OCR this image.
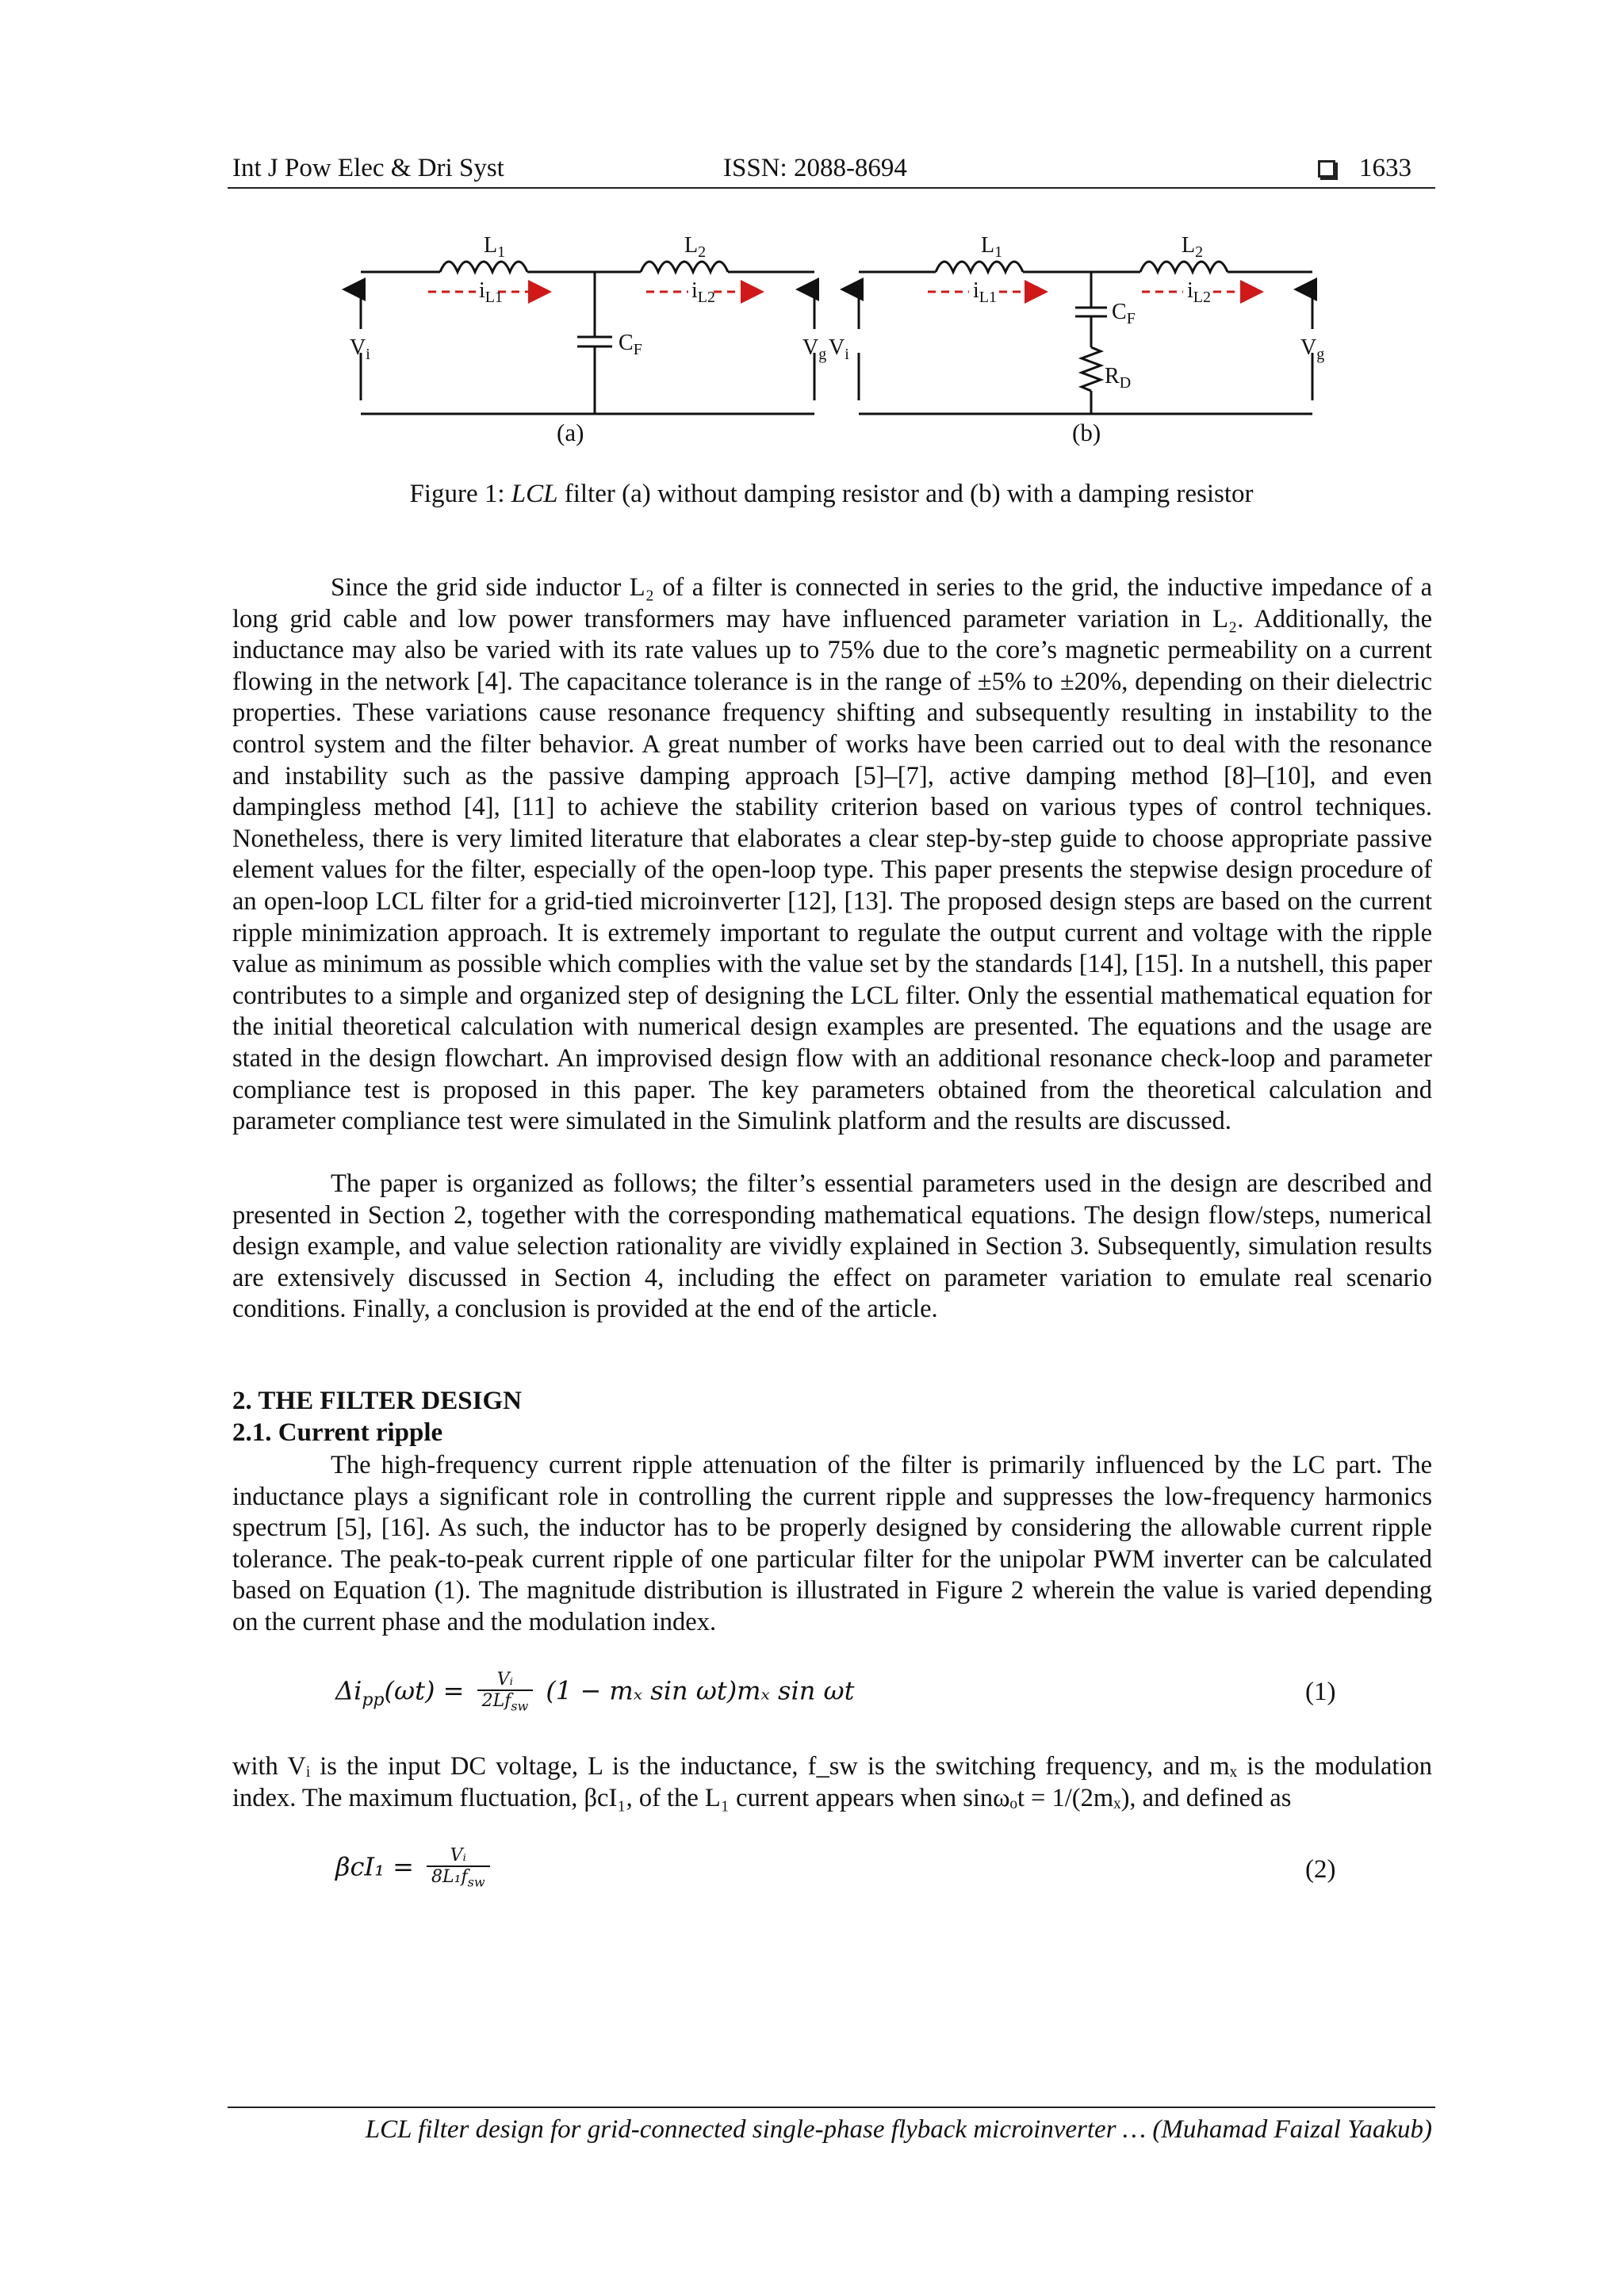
Int J Pow Elec & Dri Syst	ISSN: 2088-8694	1633
$L_1$	$L_2$
$i_{L1}$	$i_{L2}$
$V_i$	$V_g$
$C_F$
(a)
$L_1$	$L_2$
$i_{L1}$	$i_{L2}$
$V_i$	$V_g$
$C_F$
$R_D$
(b)
Figure 1: LCL filter (a) without damping resistor and (b) with a damping resistor

Since the grid side inductor L₂ of a filter is connected in series to the grid, the inductive impedance of a long grid cable and low power transformers may have influenced parameter variation in L₂. Additionally, the inductance may also be varied with its rate values up to 75% due to the core’s magnetic permeability on a current flowing in the network [4]. The capacitance tolerance is in the range of ±5% to ±20%, depending on their dielectric properties. These variations cause resonance frequency shifting and subsequently resulting in instability to the control system and the filter behavior. A great number of works have been carried out to deal with the resonance and instability such as the passive damping approach [5]–[7], active damping method [8]–[10], and even dampingless method [4], [11] to achieve the stability criterion based on various types of control techniques. Nonetheless, there is very limited literature that elaborates a clear step-by-step guide to choose appropriate passive element values for the filter, especially of the open-loop type. This paper presents the stepwise design procedure of an open-loop LCL filter for a grid-tied microinverter [12], [13]. The proposed design steps are based on the current ripple minimization approach. It is extremely important to regulate the output current and voltage with the ripple value as minimum as possible which complies with the value set by the standards [14], [15]. In a nutshell, this paper contributes to a simple and organized step of designing the LCL filter. Only the essential mathematical equation for the initial theoretical calculation with numerical design examples are presented. The equations and the usage are stated in the design flowchart. An improvised design flow with an additional resonance check-loop and parameter compliance test is proposed in this paper. The key parameters obtained from the theoretical calculation and parameter compliance test were simulated in the Simulink platform and the results are discussed.

The paper is organized as follows; the filter’s essential parameters used in the design are described and presented in Section 2, together with the corresponding mathematical equations. The design flow/steps, numerical design example, and value selection rationality are vividly explained in Section 3. Subsequently, simulation results are extensively discussed in Section 4, including the effect on parameter variation to emulate real scenario conditions. Finally, a conclusion is provided at the end of the article.

2. THE FILTER DESIGN
2.1. Current ripple

The high-frequency current ripple attenuation of the filter is primarily influenced by the LC part. The inductance plays a significant role in controlling the current ripple and suppresses the low-frequency harmonics spectrum [5], [16]. As such, the inductor has to be properly designed by considering the allowable current ripple tolerance. The peak-to-peak current ripple of one particular filter for the unipolar PWM inverter can be calculated based on Equation (1). The magnitude distribution is illustrated in Figure 2 wherein the value is varied depending on the current phase and the modulation index.

$\Delta i_{pp}(\omega t) = \frac{\text{Vᵢ}}{2Lf_{sw}} (1 - m_x$ sin ωt)mₓ sin ωt	(1)

with Vᵢ is the input DC voltage, L is the inductance, f_sw is the switching frequency, and mₓ is the modulation index. The maximum fluctuation, βcI₁, of the L₁ current appears when sinωₒt = 1/(2mₓ), and defined as

$\beta cI_1 = \frac{\text{Vᵢ}}{8L_1f_{sw}}$	(2)
LCL filter design for grid-connected single-phase flyback microinverter … (Muhamad Faizal Yaakub)
